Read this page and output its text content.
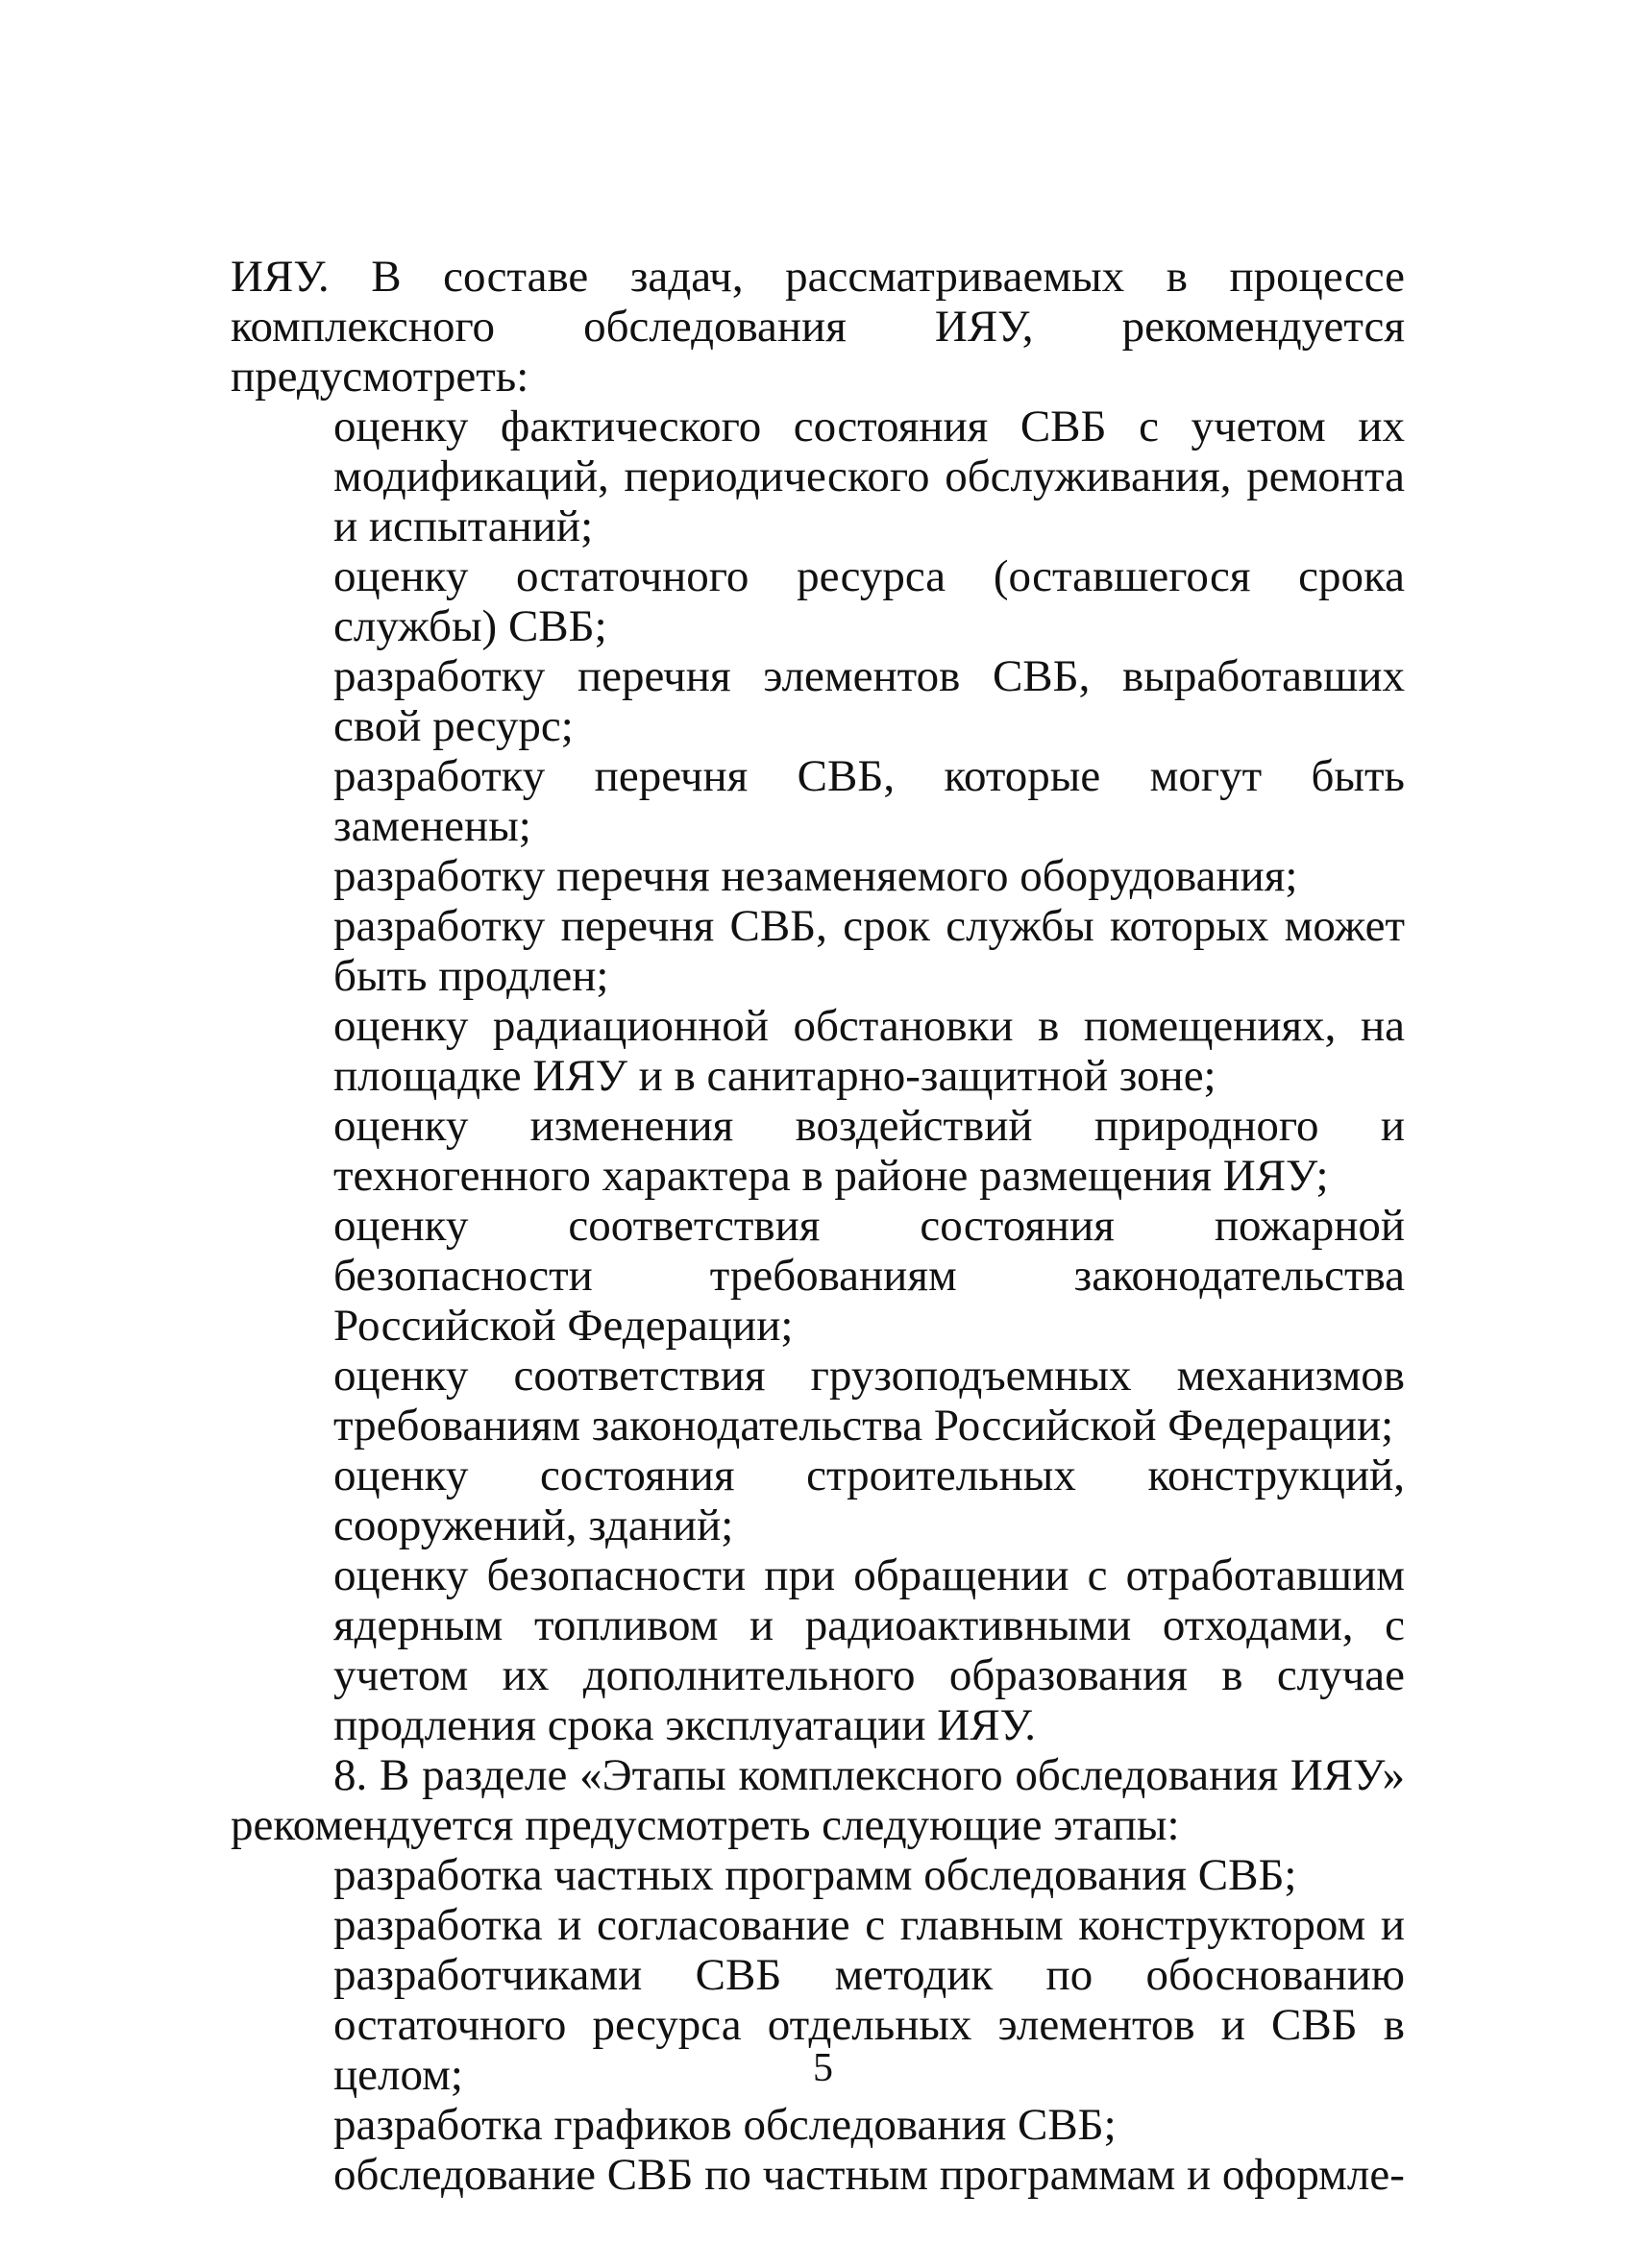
ИЯУ. В составе задач, рассматриваемых в процессе комплексного обследования ИЯУ, рекомендуется предусмотреть:

оценку фактического состояния СВБ с учетом их модификаций, периодического обслуживания, ремонта и испытаний;

оценку остаточного ресурса (оставшегося срока службы) СВБ;

разработку перечня элементов СВБ, выработавших свой ресурс;

разработку перечня СВБ, которые могут быть заменены;

разработку перечня незаменяемого оборудования;

разработку перечня СВБ, срок службы которых может быть продлен;

оценку радиационной обстановки в помещениях, на площадке ИЯУ и в санитарно-защитной зоне;

оценку изменения воздействий природного и техногенного характера в районе размещения ИЯУ;

оценку соответствия состояния пожарной безопасности требованиям законодательства Российской Федерации;

оценку соответствия грузоподъемных механизмов требованиям законодательства Российской Федерации;

оценку состояния строительных конструкций, сооружений, зданий;

оценку безопасности при обращении с отработавшим ядерным топливом и радиоактивными отходами, с учетом их дополнительного образования в случае продления срока эксплуатации ИЯУ.

8. В разделе «Этапы комплексного обследования ИЯУ» рекомендуется предусмотреть следующие этапы:

разработка частных программ обследования СВБ;

разработка и согласование с главным конструктором и разработчиками СВБ методик по обоснованию остаточного ресурса отдельных элементов и СВБ в целом;

разработка графиков обследования СВБ;

обследование СВБ по частным программам и оформле-

5
